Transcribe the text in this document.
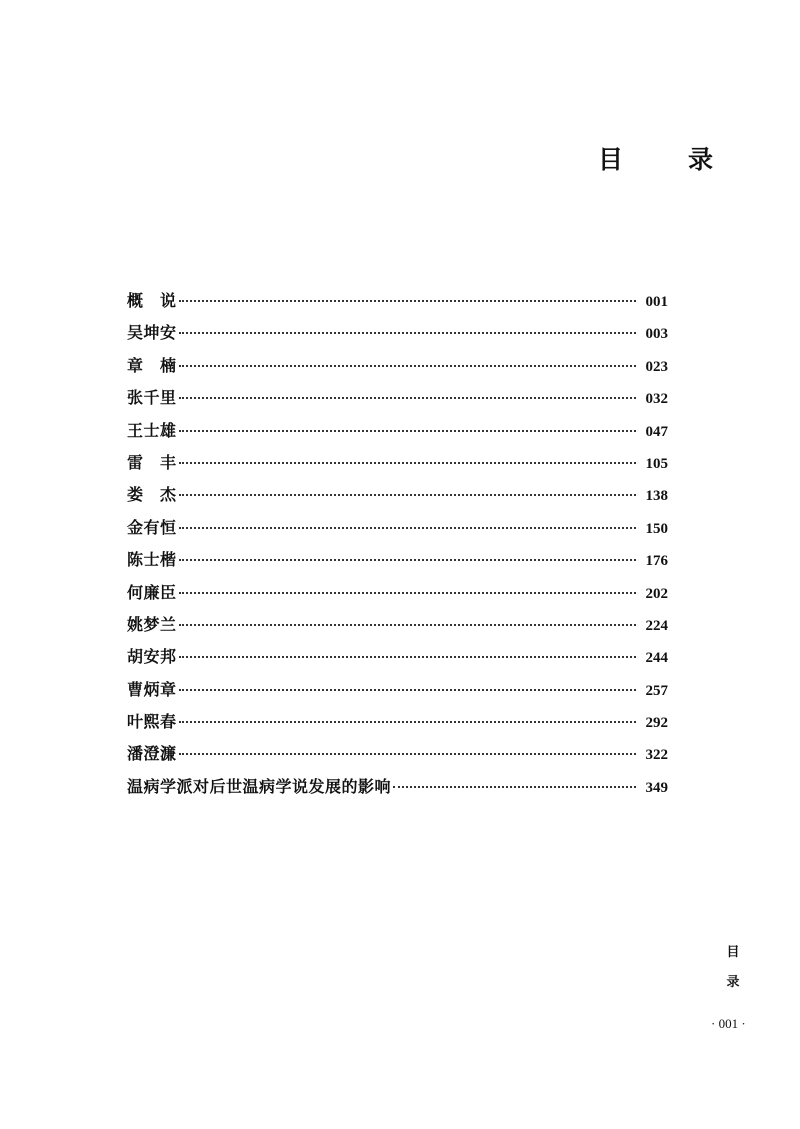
目　录
概　说	001
吴坤安	003
章　楠	023
张千里	032
王士雄	047
雷　丰	105
娄　杰	138
金有恒	150
陈士楷	176
何廉臣	202
姚梦兰	224
胡安邦	244
曹炳章	257
叶熙春	292
潘澄濂	322
温病学派对后世温病学说发展的影响	349
目
录
· 001 ·
